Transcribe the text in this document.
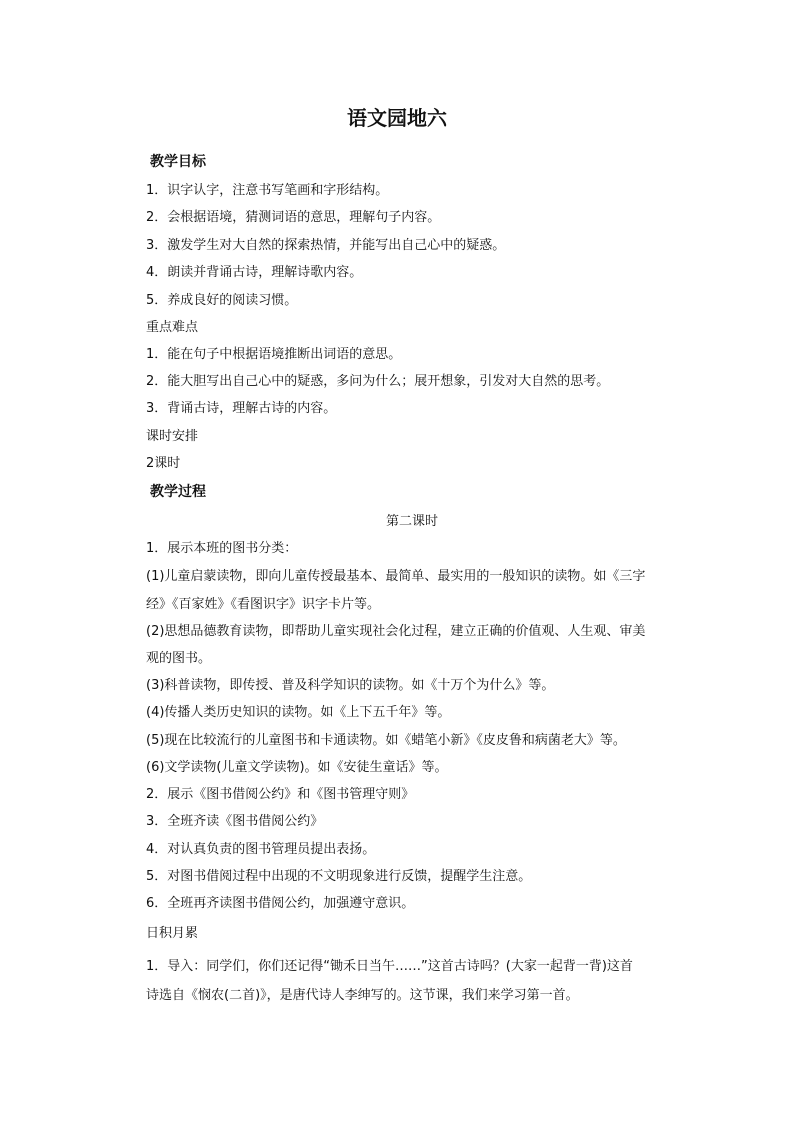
语文园地六
教学目标
1．识字认字，注意书写笔画和字形结构。
2．会根据语境，猜测词语的意思，理解句子内容。
3．激发学生对大自然的探索热情，并能写出自己心中的疑惑。
4．朗读并背诵古诗，理解诗歌内容。
5．养成良好的阅读习惯。
重点难点
1．能在句子中根据语境推断出词语的意思。
2．能大胆写出自己心中的疑惑，多问为什么；展开想象，引发对大自然的思考。
3．背诵古诗，理解古诗的内容。
课时安排
2课时
教学过程
第二课时
1．展示本班的图书分类：
(1)儿童启蒙读物，即向儿童传授最基本、最简单、最实用的一般知识的读物。如《三字
经》《百家姓》《看图识字》识字卡片等。
(2)思想品德教育读物，即帮助儿童实现社会化过程，建立正确的价值观、人生观、审美
观的图书。
(3)科普读物，即传授、普及科学知识的读物。如《十万个为什么》等。
(4)传播人类历史知识的读物。如《上下五千年》等。
(5)现在比较流行的儿童图书和卡通读物。如《蜡笔小新》《皮皮鲁和病菌老大》等。
(6)文学读物(儿童文学读物)。如《安徒生童话》等。
2．展示《图书借阅公约》和《图书管理守则》
3．全班齐读《图书借阅公约》
4．对认真负责的图书管理员提出表扬。
5．对图书借阅过程中出现的不文明现象进行反馈，提醒学生注意。
6．全班再齐读图书借阅公约，加强遵守意识。
日积月累
1．导入：同学们，你们还记得“锄禾日当午……”这首古诗吗？(大家一起背一背)这首
诗选自《悯农(二首)》，是唐代诗人李绅写的。这节课，我们来学习第一首。
